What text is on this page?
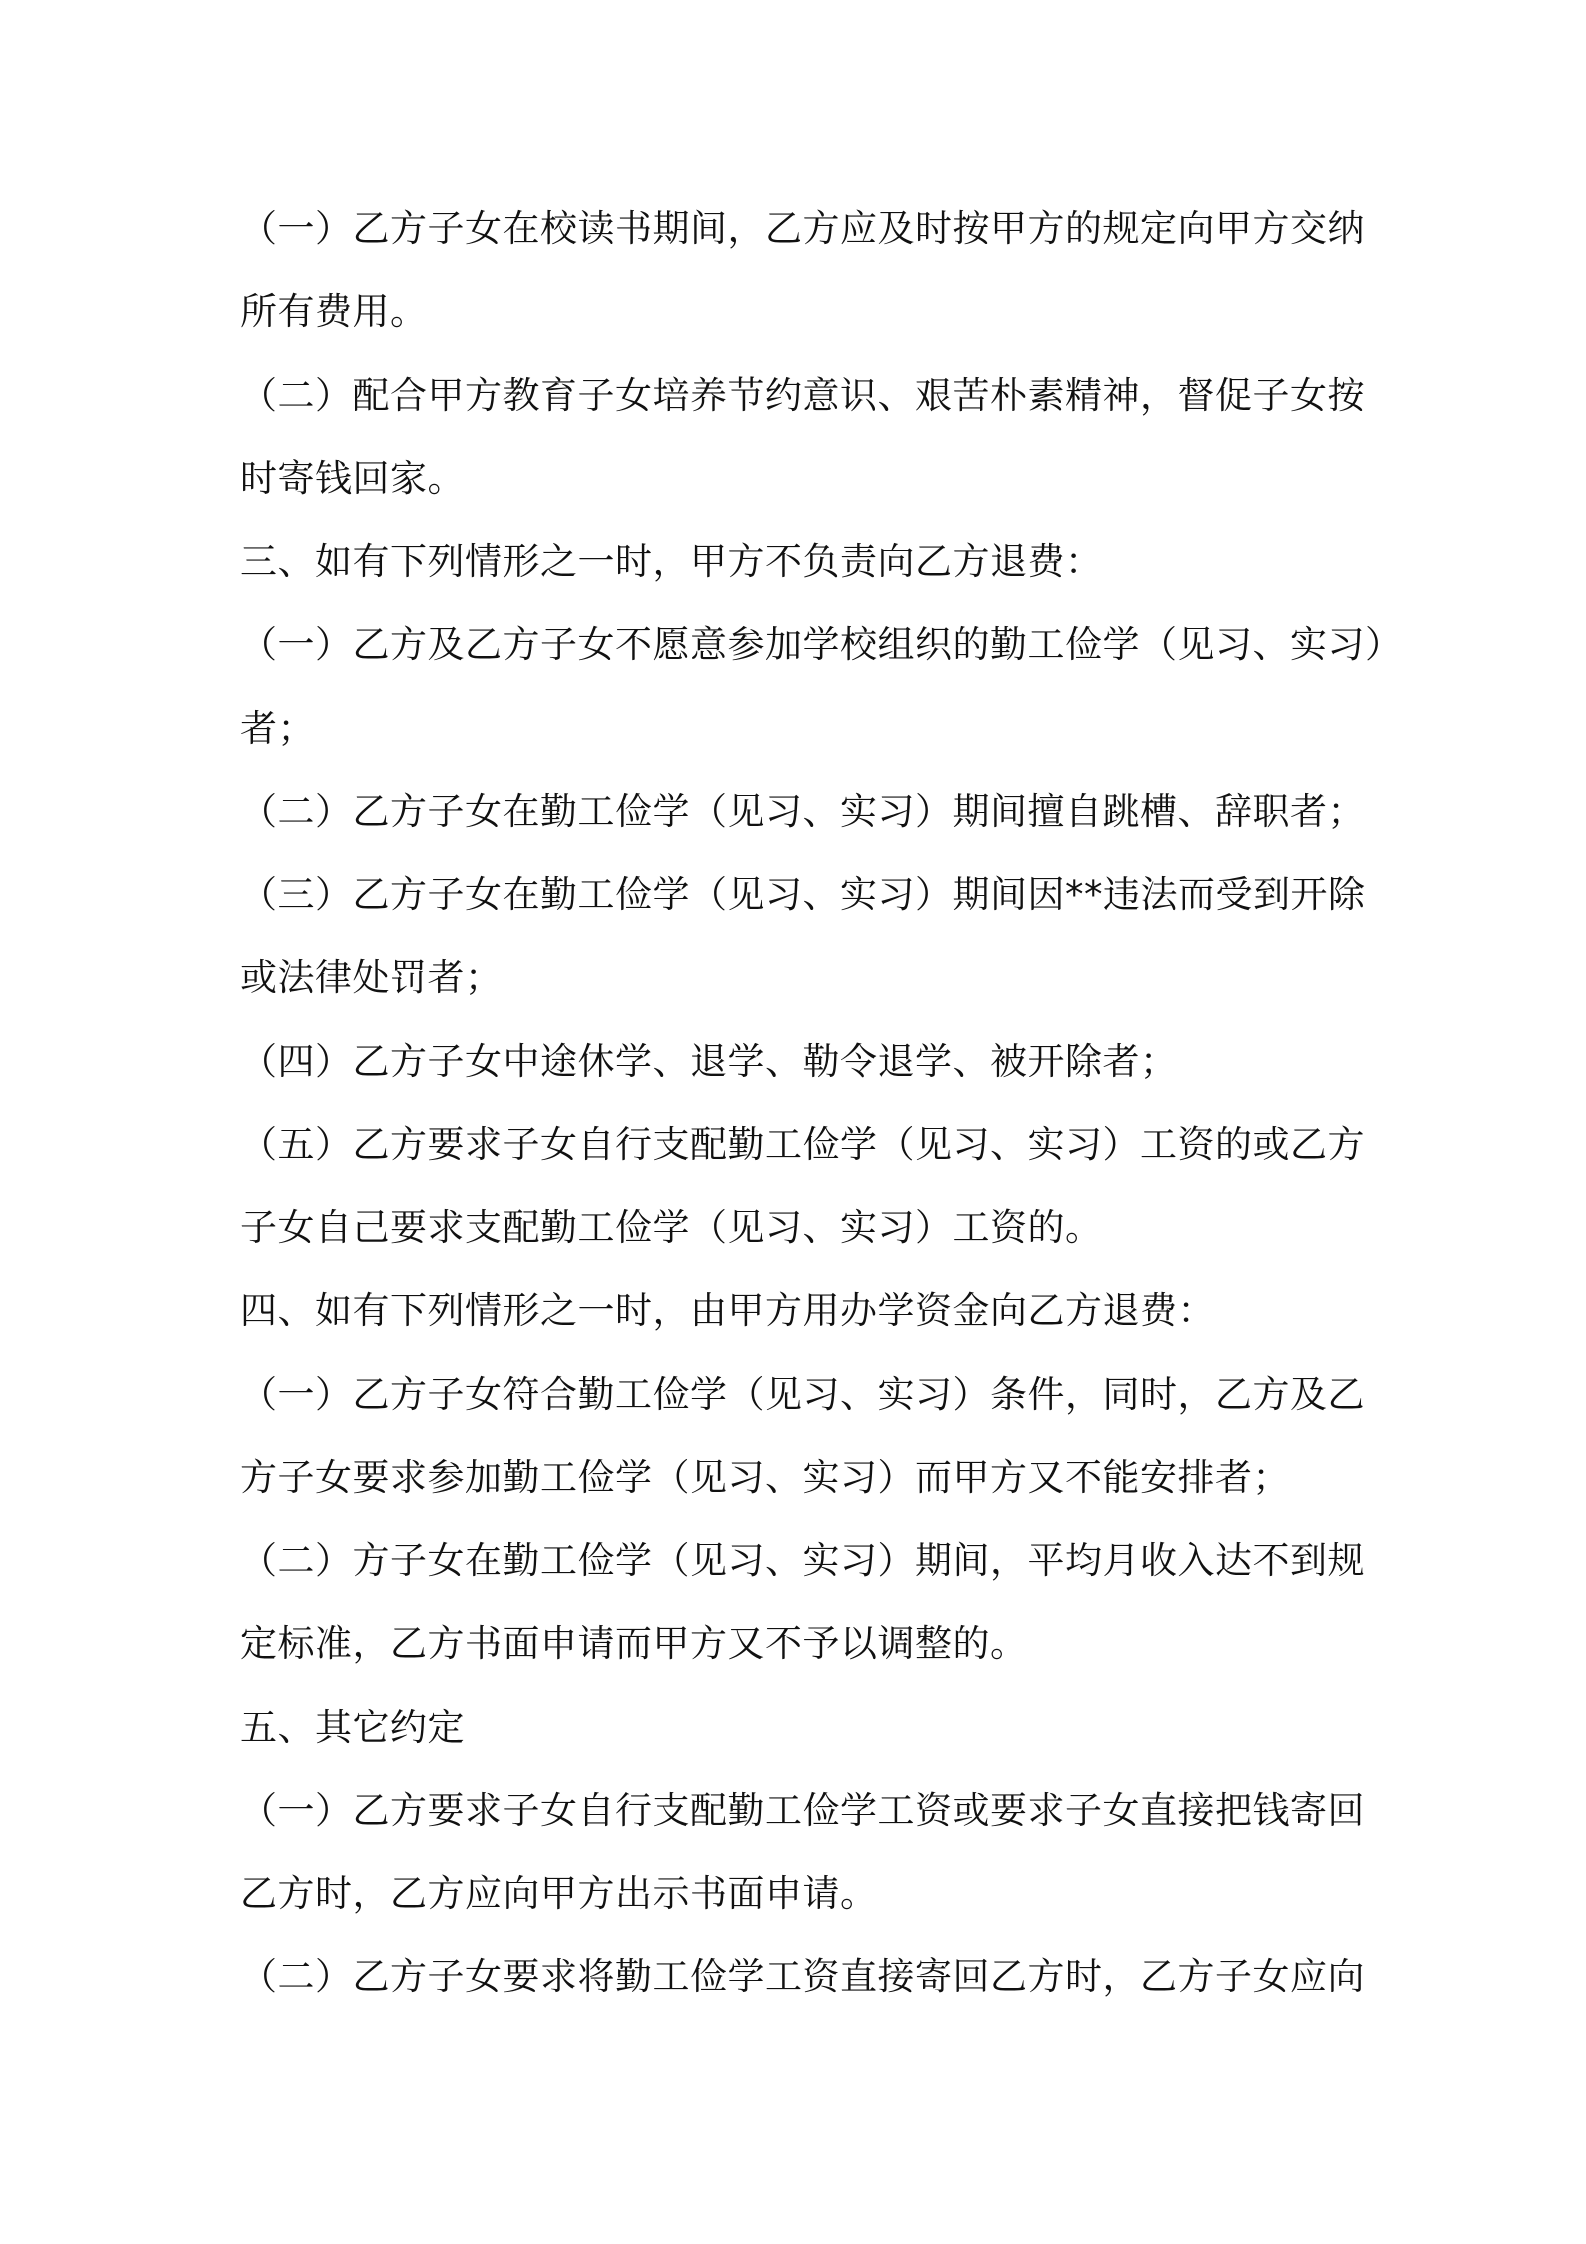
（一）乙方子女在校读书期间，乙方应及时按甲方的规定向甲方交纳
所有费用。
（二）配合甲方教育子女培养节约意识、艰苦朴素精神，督促子女按
时寄钱回家。
三、如有下列情形之一时，甲方不负责向乙方退费：
（一）乙方及乙方子女不愿意参加学校组织的勤工俭学（见习、实习）
者；
（二）乙方子女在勤工俭学（见习、实习）期间擅自跳槽、辞职者；
（三）乙方子女在勤工俭学（见习、实习）期间因**违法而受到开除
或法律处罚者；
（四）乙方子女中途休学、退学、勒令退学、被开除者；
（五）乙方要求子女自行支配勤工俭学（见习、实习）工资的或乙方
子女自己要求支配勤工俭学（见习、实习）工资的。
四、如有下列情形之一时，由甲方用办学资金向乙方退费：
（一）乙方子女符合勤工俭学（见习、实习）条件，同时，乙方及乙
方子女要求参加勤工俭学（见习、实习）而甲方又不能安排者；
（二）方子女在勤工俭学（见习、实习）期间，平均月收入达不到规
定标准，乙方书面申请而甲方又不予以调整的。
五、其它约定
（一）乙方要求子女自行支配勤工俭学工资或要求子女直接把钱寄回
乙方时，乙方应向甲方出示书面申请。
（二）乙方子女要求将勤工俭学工资直接寄回乙方时，乙方子女应向
